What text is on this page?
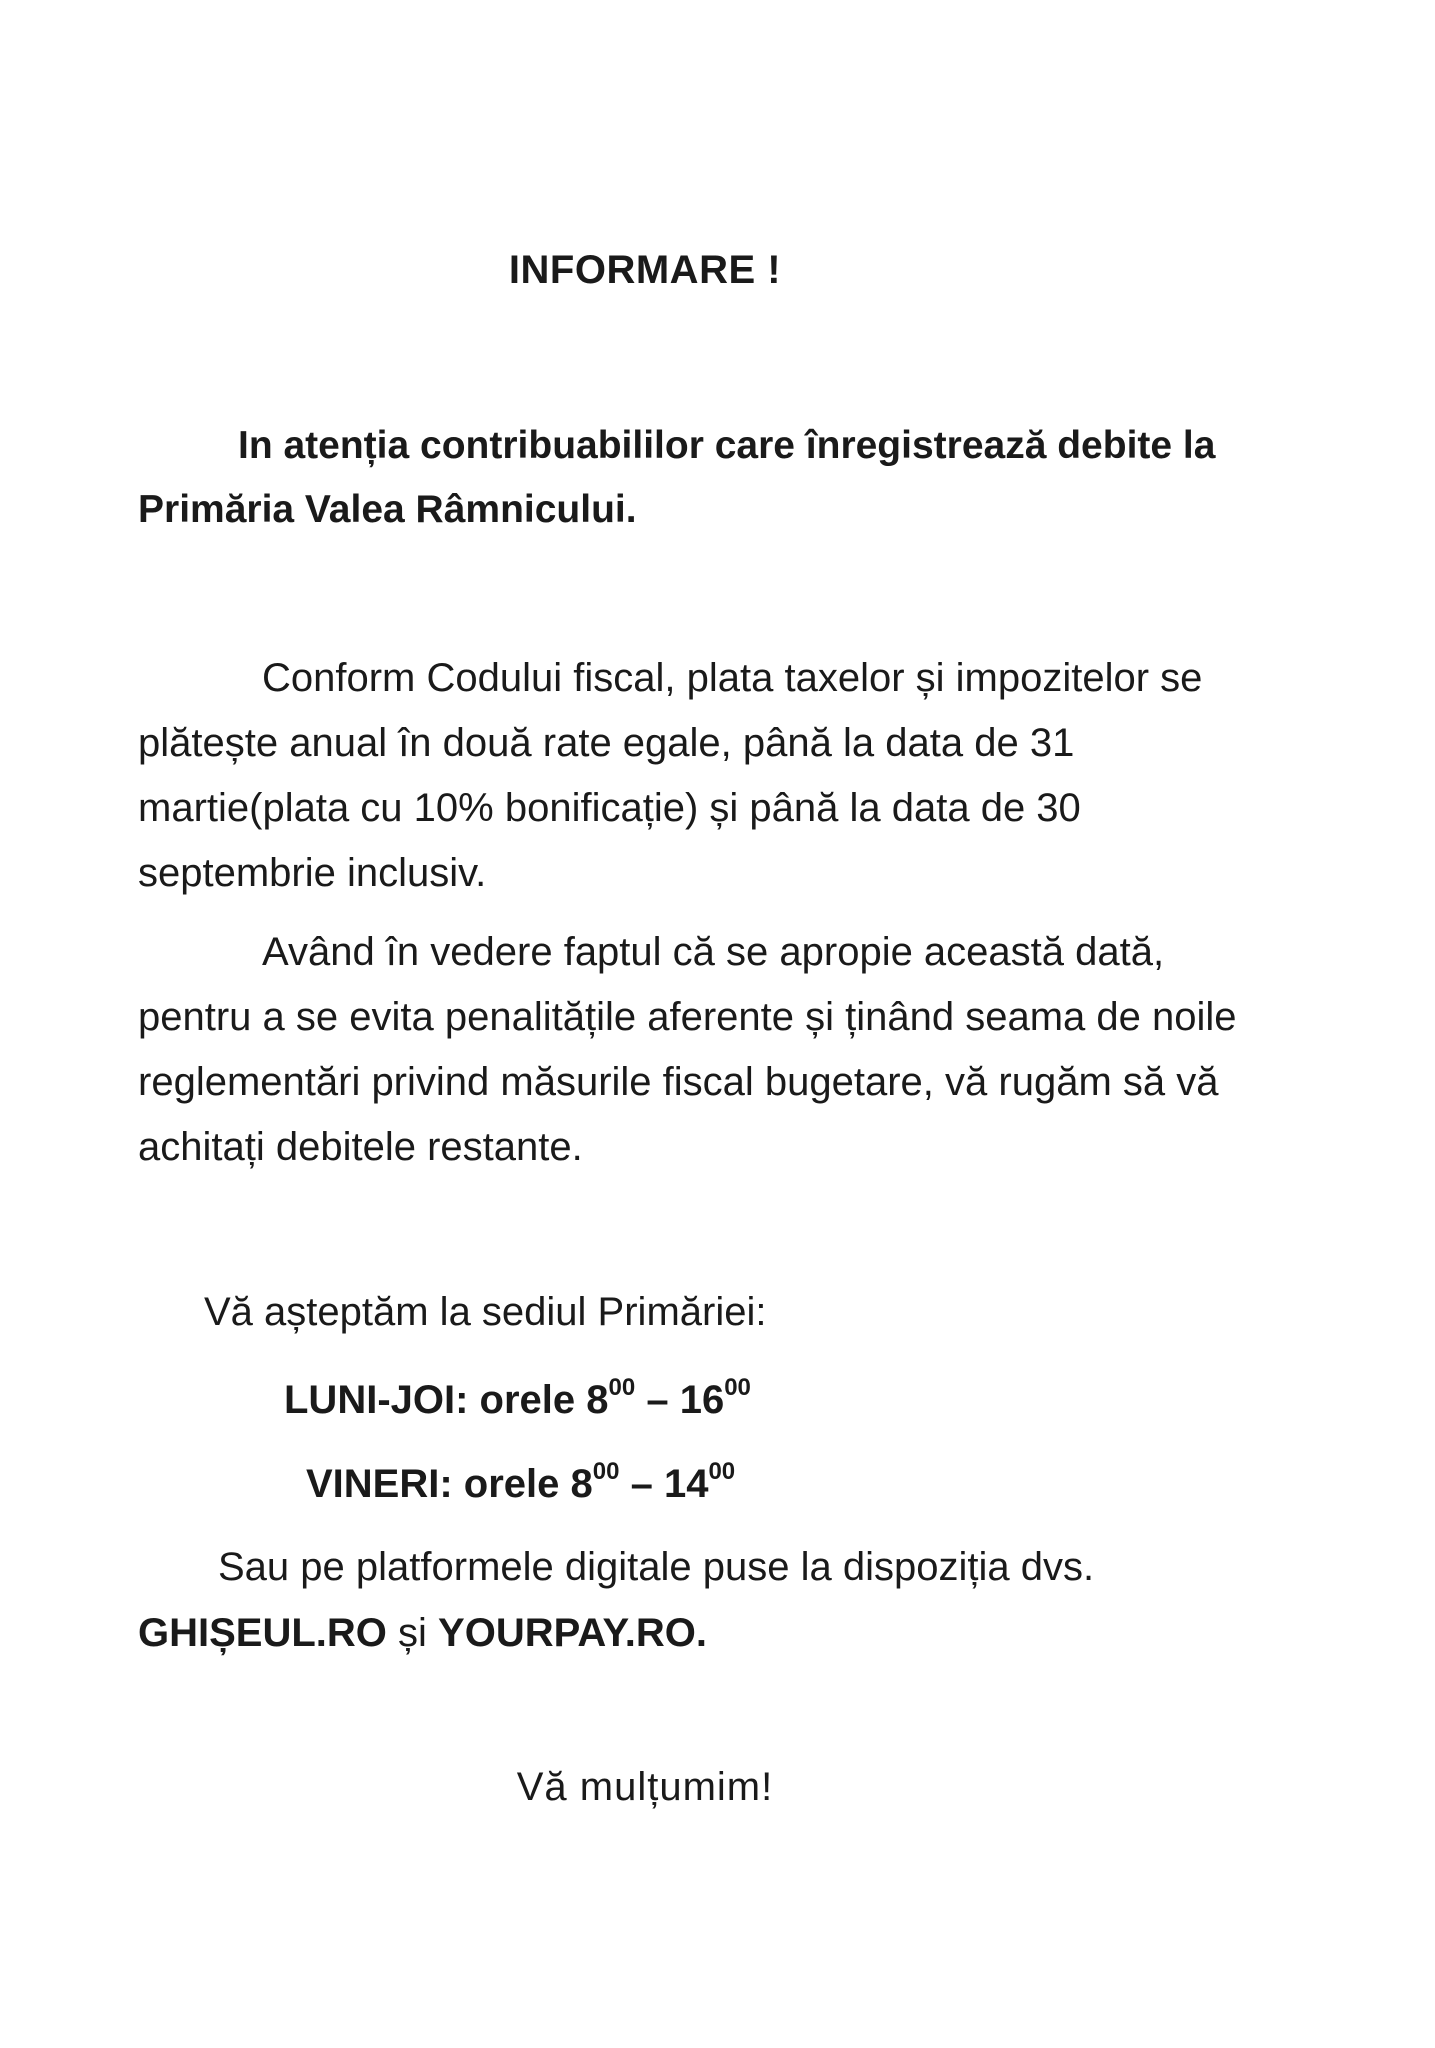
INFORMARE !
In atenția contribuabililor care înregistrează debite la Primăria Valea Râmnicului.
Conform Codului fiscal, plata taxelor și impozitelor se plătește anual în două rate egale, până la data de 31 martie(plata cu 10% bonificație) și până la data de 30 septembrie inclusiv.
Având în vedere faptul că se apropie această dată, pentru a se evita penalitățile aferente și ținând seama de noile reglementări privind măsurile fiscal bugetare, vă rugăm să vă achitați debitele restante.
Vă așteptăm la sediul Primăriei:
LUNI-JOI: orele $8^{00} - 16^{00}$
VINERI: orele $8^{00} - 14^{00}$
Sau pe platformele digitale puse la dispoziția dvs. GHIȘEUL.RO și YOURPAY.RO.
Vă mulțumim!
